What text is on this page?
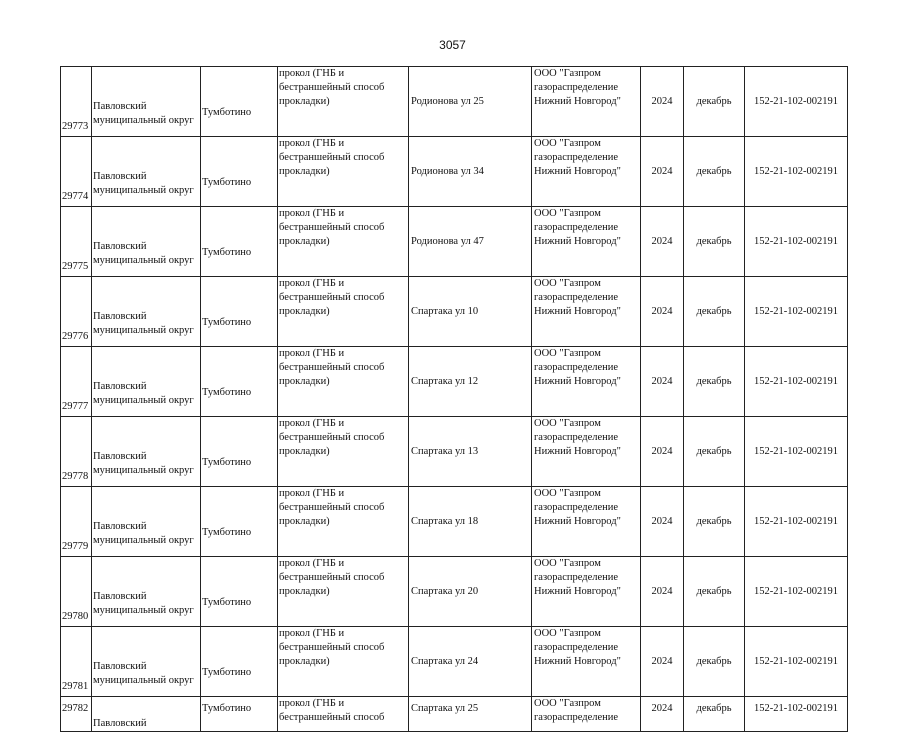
3057
29773	Павловский
муниципальный округ	Тумботино	прокол (ГНБ и
бестраншейный способ
прокладки)	Родионова ул 25	ООО "Газпром
газораспределение
Нижний Новгород"	2024	декабрь	152-21-102-002191
29774	Павловский
муниципальный округ	Тумботино	прокол (ГНБ и
бестраншейный способ
прокладки)	Родионова ул 34	ООО "Газпром
газораспределение
Нижний Новгород"	2024	декабрь	152-21-102-002191
29775	Павловский
муниципальный округ	Тумботино	прокол (ГНБ и
бестраншейный способ
прокладки)	Родионова ул 47	ООО "Газпром
газораспределение
Нижний Новгород"	2024	декабрь	152-21-102-002191
29776	Павловский
муниципальный округ	Тумботино	прокол (ГНБ и
бестраншейный способ
прокладки)	Спартака ул 10	ООО "Газпром
газораспределение
Нижний Новгород"	2024	декабрь	152-21-102-002191
29777	Павловский
муниципальный округ	Тумботино	прокол (ГНБ и
бестраншейный способ
прокладки)	Спартака ул 12	ООО "Газпром
газораспределение
Нижний Новгород"	2024	декабрь	152-21-102-002191
29778	Павловский
муниципальный округ	Тумботино	прокол (ГНБ и
бестраншейный способ
прокладки)	Спартака ул 13	ООО "Газпром
газораспределение
Нижний Новгород"	2024	декабрь	152-21-102-002191
29779	Павловский
муниципальный округ	Тумботино	прокол (ГНБ и
бестраншейный способ
прокладки)	Спартака ул 18	ООО "Газпром
газораспределение
Нижний Новгород"	2024	декабрь	152-21-102-002191
29780	Павловский
муниципальный округ	Тумботино	прокол (ГНБ и
бестраншейный способ
прокладки)	Спартака ул 20	ООО "Газпром
газораспределение
Нижний Новгород"	2024	декабрь	152-21-102-002191
29781	Павловский
муниципальный округ	Тумботино	прокол (ГНБ и
бестраншейный способ
прокладки)	Спартака ул 24	ООО "Газпром
газораспределение
Нижний Новгород"	2024	декабрь	152-21-102-002191
29782	Павловский	Тумботино	прокол (ГНБ и
бестраншейный способ	Спартака ул 25	ООО "Газпром
газораспределение	2024	декабрь	152-21-102-002191
